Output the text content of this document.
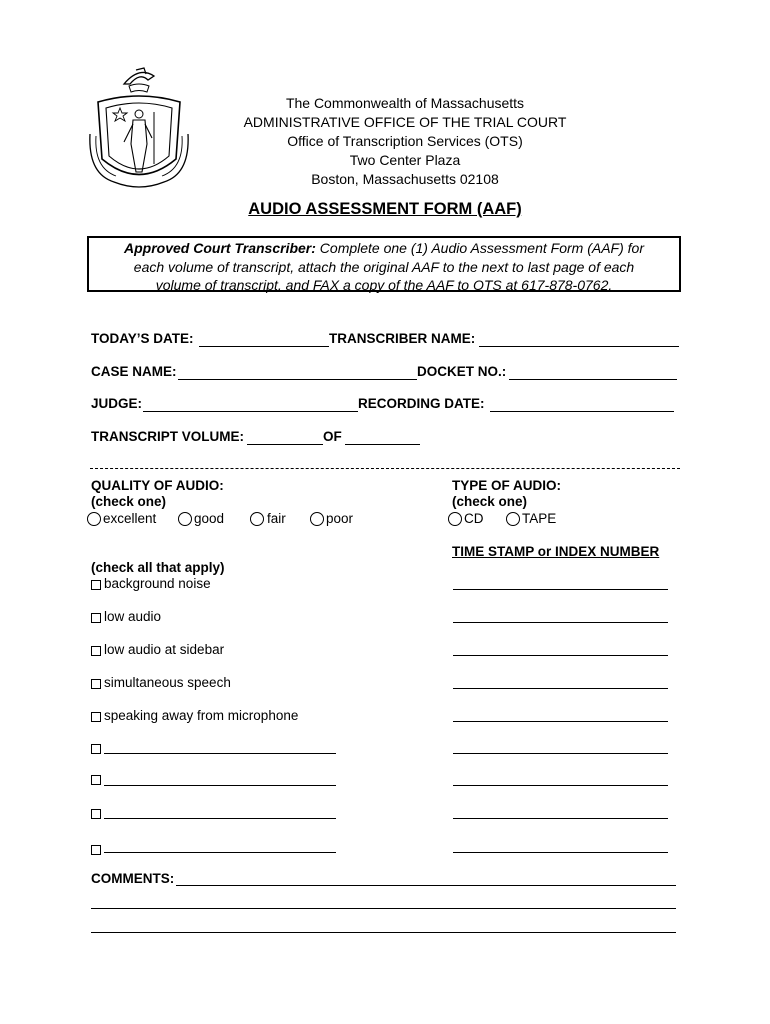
The Commonwealth of Massachusetts
ADMINISTRATIVE OFFICE OF THE TRIAL COURT
Office of Transcription Services (OTS)
Two Center Plaza
Boston, Massachusetts 02108
AUDIO ASSESSMENT FORM (AAF)
Approved Court Transcriber: Complete one (1) Audio Assessment Form (AAF) for
each volume of transcript, attach the original AAF to the next to last page of each
volume of transcript, and FAX a copy of the AAF to OTS at 617-878-0762.
TODAY’S DATE:	TRANSCRIBER NAME:
CASE NAME:	DOCKET NO.:
JUDGE:	RECORDING DATE:
TRANSCRIPT VOLUME:	OF
QUALITY OF AUDIO:
(check one)
excellent	good	fair	poor
TYPE OF AUDIO:
(check one)
CD	TAPE
TIME STAMP or INDEX NUMBER
(check all that apply)
background noise
low audio
low audio at sidebar
simultaneous speech
speaking away from microphone
COMMENTS:
